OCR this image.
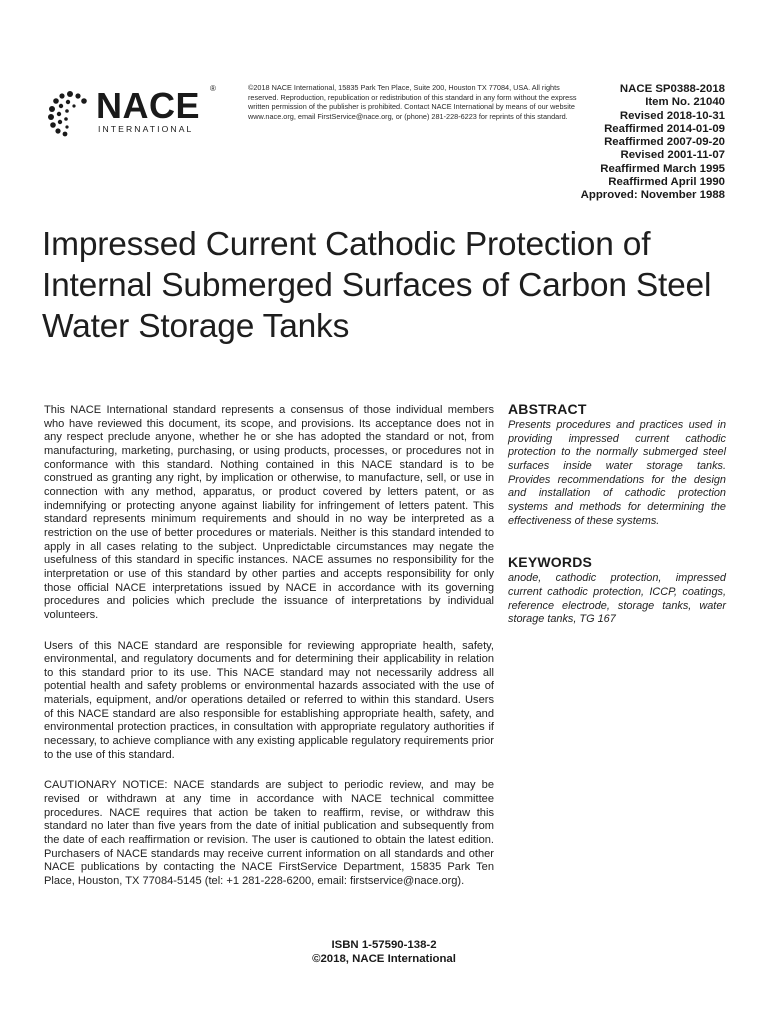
NACE ®
INTERNATIONAL
©2018 NACE International, 15835 Park Ten Place, Suite 200, Houston TX 77084, USA. All rights reserved. Reproduction, republication or redistribution of this standard in any form without the express written permission of the publisher is prohibited. Contact NACE International by means of our website www.nace.org, email FirstService@nace.org, or (phone) 281-228-6223 for reprints of this standard.
NACE SP0388-2018
Item No. 21040
Revised 2018-10-31
Reaffirmed 2014-01-09
Reaffirmed 2007-09-20
Revised 2001-11-07
Reaffirmed March 1995
Reaffirmed April 1990
Approved: November 1988
Impressed Current Cathodic Protection of Internal Submerged Surfaces of Carbon Steel Water Storage Tanks

This NACE International standard represents a consensus of those individual members who have reviewed this document, its scope, and provisions. Its acceptance does not in any respect preclude anyone, whether he or she has adopted the standard or not, from manufacturing, marketing, purchasing, or using products, processes, or procedures not in conformance with this standard. Nothing contained in this NACE standard is to be construed as granting any right, by implication or otherwise, to manufacture, sell, or use in connection with any method, apparatus, or product covered by letters patent, or as indemnifying or protecting anyone against liability for infringement of letters patent. This standard represents minimum requirements and should in no way be interpreted as a restriction on the use of better procedures or materials. Neither is this standard intended to apply in all cases relating to the subject. Unpredictable circumstances may negate the usefulness of this standard in specific instances. NACE assumes no responsibility for the interpretation or use of this standard by other parties and accepts responsibility for only those official NACE interpretations issued by NACE in accordance with its governing procedures and policies which preclude the issuance of interpretations by individual volunteers.

Users of this NACE standard are responsible for reviewing appropriate health, safety, environmental, and regulatory documents and for determining their applicability in relation to this standard prior to its use. This NACE standard may not necessarily address all potential health and safety problems or environmental hazards associated with the use of materials, equipment, and/or operations detailed or referred to within this standard. Users of this NACE standard are also responsible for establishing appropriate health, safety, and environmental protection practices, in consultation with appropriate regulatory authorities if necessary, to achieve compliance with any existing applicable regulatory requirements prior to the use of this standard.

CAUTIONARY NOTICE: NACE standards are subject to periodic review, and may be revised or withdrawn at any time in accordance with NACE technical committee procedures. NACE requires that action be taken to reaffirm, revise, or withdraw this standard no later than five years from the date of initial publication and subsequently from the date of each reaffirmation or revision. The user is cautioned to obtain the latest edition. Purchasers of NACE standards may receive current information on all standards and other NACE publications by contacting the NACE FirstService Department, 15835 Park Ten Place, Houston, TX 77084-5145 (tel: +1 281-228-6200, email: firstservice@nace.org).

ABSTRACT

Presents procedures and practices used in providing impressed current cathodic protection to the normally submerged steel surfaces inside water storage tanks. Provides recommendations for the design and installation of cathodic protection systems and methods for determining the effectiveness of these systems.

KEYWORDS

anode, cathodic protection, impressed current cathodic protection, ICCP, coatings, reference electrode, storage tanks, water storage tanks, TG 167

ISBN 1-57590-138-2
©2018, NACE International
